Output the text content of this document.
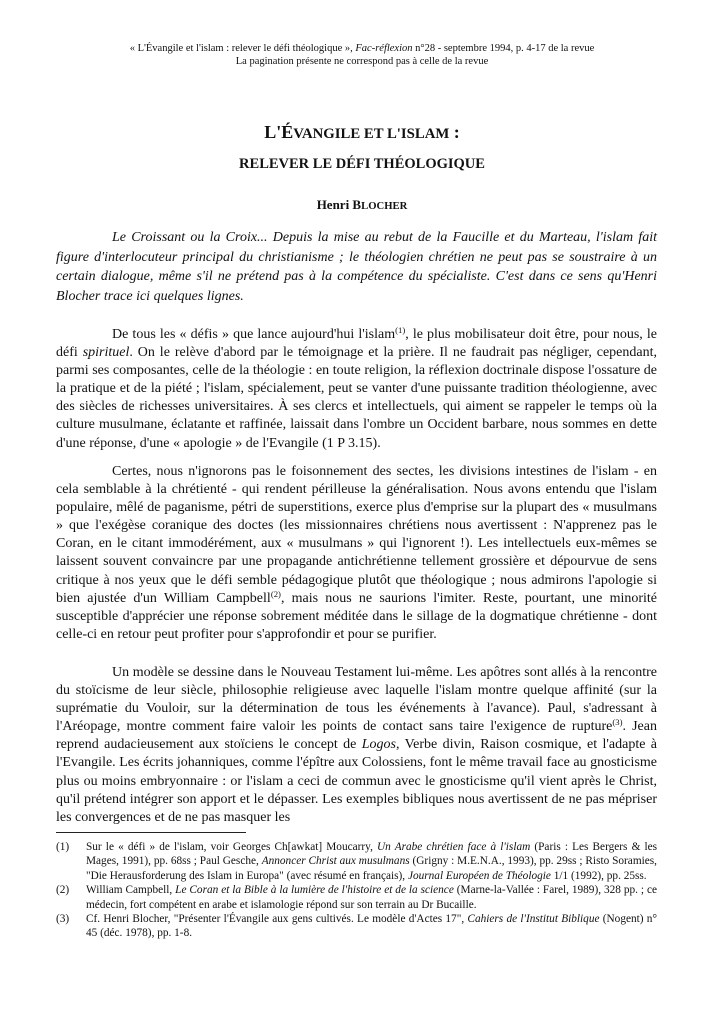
« L'Évangile et l'islam : relever le défi théologique », Fac-réflexion n°28 - septembre 1994, p. 4-17 de la revue
La pagination présente ne correspond pas à celle de la revue
L'ÉVANGILE ET L'ISLAM :
RELEVER LE DÉFI THÉOLOGIQUE
Henri BLOCHER
Le Croissant ou la Croix... Depuis la mise au rebut de la Faucille et du Marteau, l'islam fait figure d'interlocuteur principal du christianisme ; le théologien chrétien ne peut pas se soustraire à un certain dialogue, même s'il ne prétend pas à la compétence du spécialiste. C'est dans ce sens qu'Henri Blocher trace ici quelques lignes.

De tous les « défis » que lance aujourd'hui l'islam$^{(1)}$, le plus mobilisateur doit être, pour nous, le défi spirituel. On le relève d'abord par le témoignage et la prière. Il ne faudrait pas négliger, cependant, parmi ses composantes, celle de la théologie : en toute religion, la réflexion doctrinale dispose l'ossature de la pratique et de la piété ; l'islam, spécialement, peut se vanter d'une puissante tradition théologienne, avec des siècles de richesses universitaires. À ses clercs et intellectuels, qui aiment se rappeler le temps où la culture musulmane, éclatante et raffinée, laissait dans l'ombre un Occident barbare, nous sommes en dette d'une réponse, d'une « apologie » de l'Evangile (1 P 3.15).

Certes, nous n'ignorons pas le foisonnement des sectes, les divisions intestines de l'islam - en cela semblable à la chrétienté - qui rendent périlleuse la généralisation. Nous avons entendu que l'islam populaire, mêlé de paganisme, pétri de superstitions, exerce plus d'emprise sur la plupart des « musulmans » que l'exégèse coranique des doctes (les missionnaires chrétiens nous avertissent : N'apprenez pas le Coran, en le citant immodérément, aux « musulmans » qui l'ignorent !). Les intellectuels eux-mêmes se laissent souvent convaincre par une propagande antichrétienne tellement grossière et dépourvue de sens critique à nos yeux que le défi semble pédagogique plutôt que théologique ; nous admirons l'apologie si bien ajustée d'un William Campbell$^{(2)}$, mais nous ne saurions l'imiter. Reste, pourtant, une minorité susceptible d'apprécier une réponse sobrement méditée dans le sillage de la dogmatique chrétienne - dont celle-ci en retour peut profiter pour s'approfondir et pour se purifier.

Un modèle se dessine dans le Nouveau Testament lui-même. Les apôtres sont allés à la rencontre du stoïcisme de leur siècle, philosophie religieuse avec laquelle l'islam montre quelque affinité (sur la suprématie du Vouloir, sur la détermination de tous les événements à l'avance). Paul, s'adressant à l'Aréopage, montre comment faire valoir les points de contact sans taire l'exigence de rupture$^{(3)}$. Jean reprend audacieusement aux stoïciens le concept de Logos, Verbe divin, Raison cosmique, et l'adapte à l'Evangile. Les écrits johanniques, comme l'épître aux Colossiens, font le même travail face au gnosticisme plus ou moins embryonnaire : or l'islam a ceci de commun avec le gnosticisme qu'il vient après le Christ, qu'il prétend intégrer son apport et le dépasser. Les exemples bibliques nous avertissent de ne pas mépriser les convergences et de ne pas masquer les

(1) Sur le « défi » de l'islam, voir Georges Ch[awkat] Moucarry, Un Arabe chrétien face à l'islam (Paris : Les Bergers & les Mages, 1991), pp. 68ss ; Paul Gesche, Annoncer Christ aux musulmans (Grigny : M.E.N.A., 1993), pp. 29ss ; Risto Soramies, "Die Herausforderung des Islam in Europa" (avec résumé en français), Journal Européen de Théologie 1/1 (1992), pp. 25ss.
(2) William Campbell, Le Coran et la Bible à la lumière de l'histoire et de la science (Marne-la-Vallée : Farel, 1989), 328 pp. ; ce médecin, fort compétent en arabe et islamologie répond sur son terrain au Dr Bucaille.
(3) Cf. Henri Blocher, "Présenter l'Évangile aux gens cultivés. Le modèle d'Actes 17", Cahiers de l'Institut Biblique (Nogent) n° 45 (déc. 1978), pp. 1-8.
